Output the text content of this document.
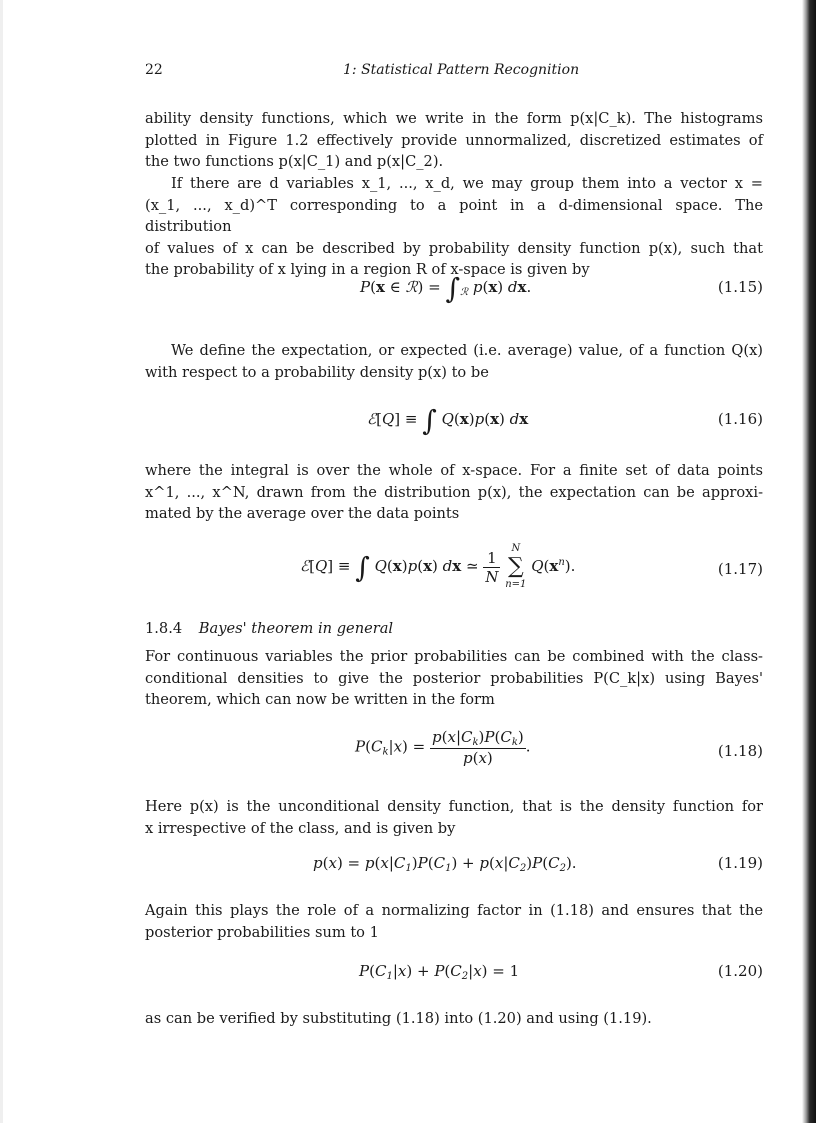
22	1: Statistical Pattern Recognition
ability density functions, which we write in the form p(x|C_k). The histograms
plotted in Figure 1.2 effectively provide unnormalized, discretized estimates of
the two functions p(x|C_1) and p(x|C_2).
If there are d variables x_1, ..., x_d, we may group them into a vector x =
(x_1, ..., x_d)^T corresponding to a point in a d-dimensional space. The distribution
of values of x can be described by probability density function p(x), such that
the probability of x lying in a region R of x-space is given by
P(x ∈ ℛ) = $\int_ℛ$ p(x) dx.	(1.15)
We define the expectation, or expected (i.e. average) value, of a function Q(x)
with respect to a probability density p(x) to be
ℰ[Q] ≡ ∫ Q(x)p(x) dx	(1.16)
where the integral is over the whole of x-space. For a finite set of data points
x^1, ..., x^N, drawn from the distribution p(x), the expectation can be approxi-
mated by the average over the data points
ℰ[Q] ≡ ∫ Q(x)p(x) dx ≃ $\frac{1}{N}$
	N
∑
n=1
$Q(x^n)$.	(1.17)
1.8.4 Bayes' theorem in general
For continuous variables the prior probabilities can be combined with the class-
conditional densities to give the posterior probabilities P(C_k|x) using Bayes'
theorem, which can now be written in the form
$P(C_k|x) = \frac{p(x|C_k)P(C_k)}{p(x)}$ .	(1.18)
Here p(x) is the unconditional density function, that is the density function for
x irrespective of the class, and is given by
$p(x) = p(x|C_1)P(C_1) + p(x|C_2)P(C_2)$.	(1.19)
Again this plays the role of a normalizing factor in (1.18) and ensures that the
posterior probabilities sum to 1
$P(C_1|x) + P(C_2|x) = 1$	(1.20)
as can be verified by substituting (1.18) into (1.20) and using (1.19).
